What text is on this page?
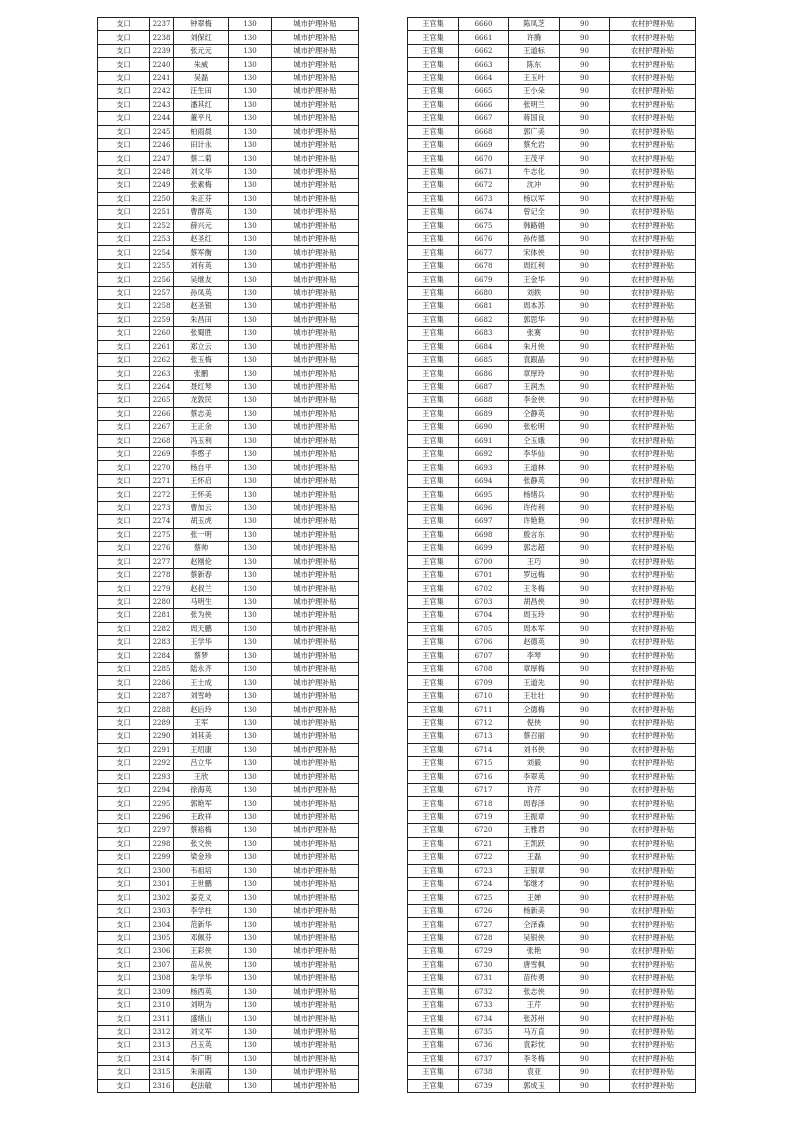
支口	2237	钟翠梅	130	城市护理补贴
支口	2238	刘保红	130	城市护理补贴
支口	2239	张元元	130	城市护理补贴
支口	2240	朱威	130	城市护理补贴
支口	2241	吴磊	130	城市护理补贴
支口	2242	汪生田	130	城市护理补贴
支口	2243	潘其红	130	城市护理补贴
支口	2244	董平凡	130	城市护理补贴
支口	2245	柏雨晨	130	城市护理补贴
支口	2246	田计永	130	城市护理补贴
支口	2247	蔡二菊	130	城市护理补贴
支口	2248	刘文华	130	城市护理补贴
支口	2249	张素梅	130	城市护理补贴
支口	2250	朱正芬	130	城市护理补贴
支口	2251	曹群英	130	城市护理补贴
支口	2252	薛兴元	130	城市护理补贴
支口	2253	赵圣红	130	城市护理补贴
支口	2254	蔡军衡	130	城市护理补贴
支口	2255	刘有英	130	城市护理补贴
支口	2256	吴继友	130	城市护理补贴
支口	2257	孙凤英	130	城市护理补贴
支口	2258	赵圣银	130	城市护理补贴
支口	2259	朱昌田	130	城市护理补贴
支口	2260	张蜀胜	130	城市护理补贴
支口	2261	郑立云	130	城市护理补贴
支口	2262	张玉梅	130	城市护理补贴
支口	2263	张鹏	130	城市护理补贴
支口	2264	聂红琴	130	城市护理补贴
支口	2265	龙敦民	130	城市护理补贴
支口	2266	蔡志美	130	城市护理补贴
支口	2267	王正余	130	城市护理补贴
支口	2268	冯玉利	130	城市护理补贴
支口	2269	李憨子	130	城市护理补贴
支口	2270	杨自平	130	城市护理补贴
支口	2271	王怀启	130	城市护理补贴
支口	2272	王怀美	130	城市护理补贴
支口	2273	曹加云	130	城市护理补贴
支口	2274	胡玉虎	130	城市护理补贴
支口	2275	张一明	130	城市护理补贴
支口	2276	蔡帅	130	城市护理补贴
支口	2277	赵刚伦	130	城市护理补贴
支口	2278	蔡新春	130	城市护理补贴
支口	2279	赵叔兰	130	城市护理补贴
支口	2280	马明生	130	城市护理补贴
支口	2281	张为侠	130	城市护理补贴
支口	2282	周天鹏	130	城市护理补贴
支口	2283	王学华	130	城市护理补贴
支口	2284	蔡梦	130	城市护理补贴
支口	2285	陆永齐	130	城市护理补贴
支口	2286	王士成	130	城市护理补贴
支口	2287	刘雪岭	130	城市护理补贴
支口	2288	赵后玲	130	城市护理补贴
支口	2289	王军	130	城市护理补贴
支口	2290	刘其美	130	城市护理补贴
支口	2291	王绍康	130	城市护理补贴
支口	2292	吕立华	130	城市护理补贴
支口	2293	王欣	130	城市护理补贴
支口	2294	徐海英	130	城市护理补贴
支口	2295	郭艳军	130	城市护理补贴
支口	2296	王政祥	130	城市护理补贴
支口	2297	蔡裕梅	130	城市护理补贴
支口	2298	张文侠	130	城市护理补贴
支口	2299	梁金珍	130	城市护理补贴
支口	2300	韦祖培	130	城市护理补贴
支口	2301	王世鹏	130	城市护理补贴
支口	2302	姜克义	130	城市护理补贴
支口	2303	李学柱	130	城市护理补贴
支口	2304	范新华	130	城市护理补贴
支口	2305	邓佩芬	130	城市护理补贴
支口	2306	王彩侠	130	城市护理补贴
支口	2307	苗从侠	130	城市护理补贴
支口	2308	朱学华	130	城市护理补贴
支口	2309	杨西英	130	城市护理补贴
支口	2310	刘明为	130	城市护理补贴
支口	2311	盛绪山	130	城市护理补贴
支口	2312	刘文军	130	城市护理补贴
支口	2313	吕玉英	130	城市护理补贴
支口	2314	李广明	130	城市护理补贴
支口	2315	朱丽霞	130	城市护理补贴
支口	2316	赵法敏	130	城市护理补贴
王官集	6660	陈凤芝	90	农村护理补贴
王官集	6661	许腾	90	农村护理补贴
王官集	6662	王道标	90	农村护理补贴
王官集	6663	陈东	90	农村护理补贴
王官集	6664	王玉叶	90	农村护理补贴
王官集	6665	王小朵	90	农村护理补贴
王官集	6666	张明兰	90	农村护理补贴
王官集	6667	蒋国良	90	农村护理补贴
王官集	6668	郭广美	90	农村护理补贴
王官集	6669	蔡允岩	90	农村护理补贴
王官集	6670	王茂平	90	农村护理补贴
王官集	6671	牛志化	90	农村护理补贴
王官集	6672	沈冲	90	农村护理补贴
王官集	6673	杨以军	90	农村护理补贴
王官集	6674	曾记全	90	农村护理补贴
王官集	6675	韩路娟	90	农村护理补贴
王官集	6676	孙传德	90	农村护理补贴
王官集	6677	宋体侠	90	农村护理补贴
王官集	6678	周红利	90	农村护理补贴
王官集	6679	王金华	90	农村护理补贴
王官集	6680	刘轶	90	农村护理补贴
王官集	6681	周本苏	90	农村护理补贴
王官集	6682	郭思华	90	农村护理补贴
王官集	6683	张赛	90	农村护理补贴
王官集	6684	朱月侠	90	农村护理补贴
王官集	6685	袁跟晶	90	农村护理补贴
王官集	6686	章厚玲	90	农村护理补贴
王官集	6687	王润杰	90	农村护理补贴
王官集	6688	李金侠	90	农村护理补贴
王官集	6689	仝静英	90	农村护理补贴
王官集	6690	张松明	90	农村护理补贴
王官集	6691	仝玉娥	90	农村护理补贴
王官集	6692	李华仙	90	农村护理补贴
王官集	6693	王道林	90	农村护理补贴
王官集	6694	张静英	90	农村护理补贴
王官集	6695	杨绪兵	90	农村护理补贴
王官集	6696	许传利	90	农村护理补贴
王官集	6697	许艳艳	90	农村护理补贴
王官集	6698	殷言东	90	农村护理补贴
王官集	6699	郭志超	90	农村护理补贴
王官集	6700	王巧	90	农村护理补贴
王官集	6701	罗远梅	90	农村护理补贴
王官集	6702	王冬梅	90	农村护理补贴
王官集	6703	胡昌侠	90	农村护理补贴
王官集	6704	周玉玲	90	农村护理补贴
王官集	6705	周本军	90	农村护理补贴
王官集	6706	赵德英	90	农村护理补贴
王官集	6707	李琴	90	农村护理补贴
王官集	6708	章厚梅	90	农村护理补贴
王官集	6709	王道先	90	农村护理补贴
王官集	6710	王壮壮	90	农村护理补贴
王官集	6711	仝德梅	90	农村护理补贴
王官集	6712	倪侠	90	农村护理补贴
王官集	6713	蔡召丽	90	农村护理补贴
王官集	6714	刘书侠	90	农村护理补贴
王官集	6715	刘毅	90	农村护理补贴
王官集	6716	李翠英	90	农村护理补贴
王官集	6717	许芹	90	农村护理补贴
王官集	6718	周春泽	90	农村护理补贴
王官集	6719	王振章	90	农村护理补贴
王官集	6720	王雅君	90	农村护理补贴
王官集	6721	王凯跃	90	农村护理补贴
王官集	6722	王磊	90	农村护理补贴
王官集	6723	王银章	90	农村护理补贴
王官集	6724	邹继才	90	农村护理补贴
王官集	6725	王婵	90	农村护理补贴
王官集	6726	杨新美	90	农村护理补贴
王官集	6727	仝泽森	90	农村护理补贴
王官集	6728	吴银侠	90	农村护理补贴
王官集	6729	张艳	90	农村护理补贴
王官集	6730	唐雪枫	90	农村护理补贴
王官集	6731	苗传勇	90	农村护理补贴
王官集	6732	张志侠	90	农村护理补贴
王官集	6733	王芹	90	农村护理补贴
王官集	6734	张苏州	90	农村护理补贴
王官集	6735	马万直	90	农村护理补贴
王官集	6736	袁彩忱	90	农村护理补贴
王官集	6737	李冬梅	90	农村护理补贴
王官集	6738	袁亚	90	农村护理补贴
王官集	6739	郭成玉	90	农村护理补贴
